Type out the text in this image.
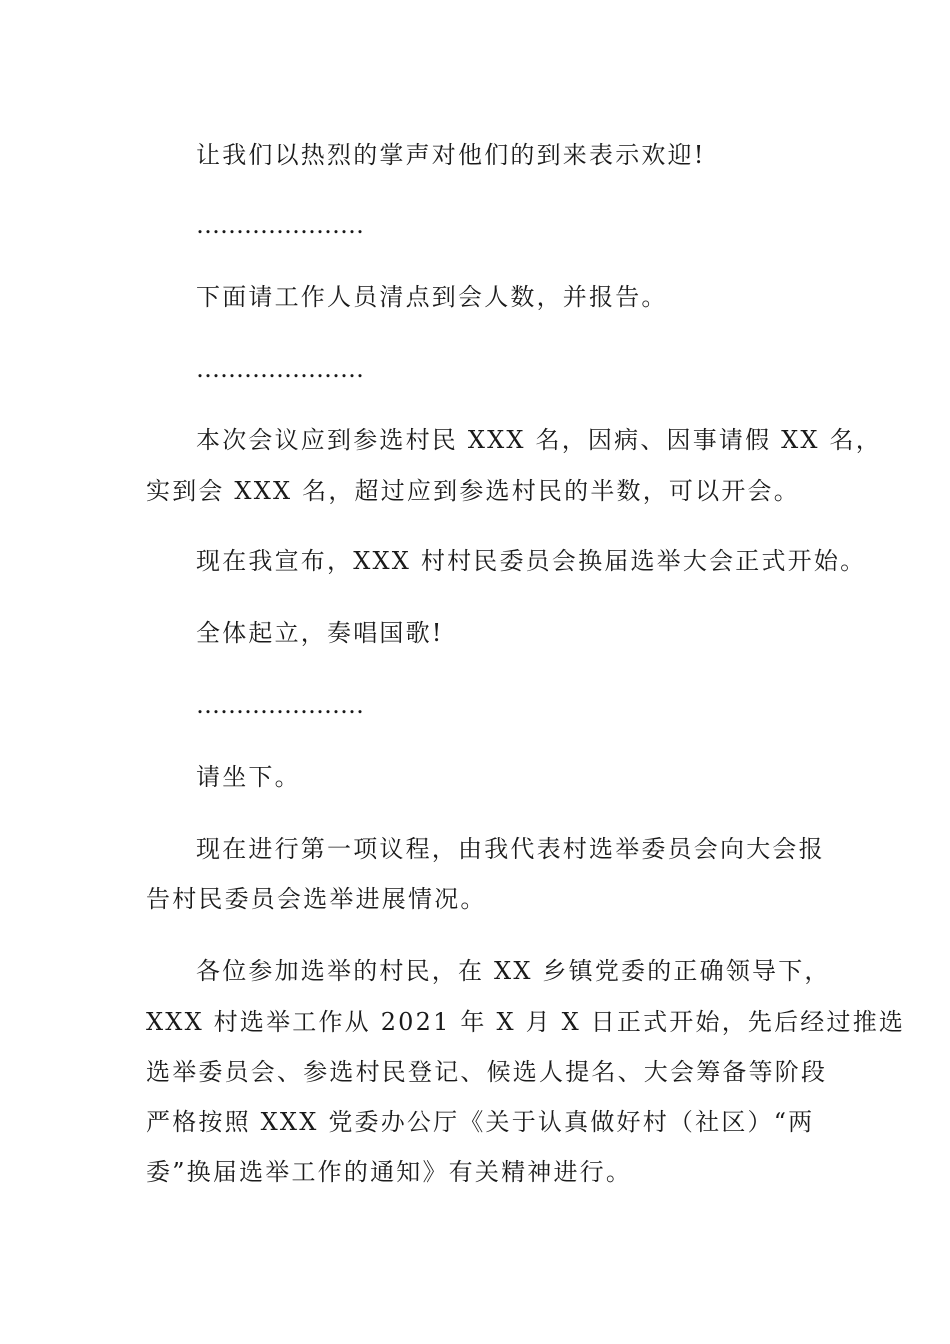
让我们以热烈的掌声对他们的到来表示欢迎!
…………………
下面请工作人员清点到会人数，并报告。
…………………
本次会议应到参选村民 XXX 名，因病、因事请假 XX 名，
实到会 XXX 名，超过应到参选村民的半数，可以开会。
现在我宣布，XXX 村村民委员会换届选举大会正式开始。
全体起立，奏唱国歌!
…………………
请坐下。
现在进行第一项议程，由我代表村选举委员会向大会报
告村民委员会选举进展情况。
各位参加选举的村民，在 XX 乡镇党委的正确领导下，
XXX 村选举工作从 2021 年 X 月 X 日正式开始，先后经过推选
选举委员会、参选村民登记、候选人提名、大会筹备等阶段
严格按照 XXX 党委办公厅《关于认真做好村（社区）“两
委”换届选举工作的通知》有关精神进行。
